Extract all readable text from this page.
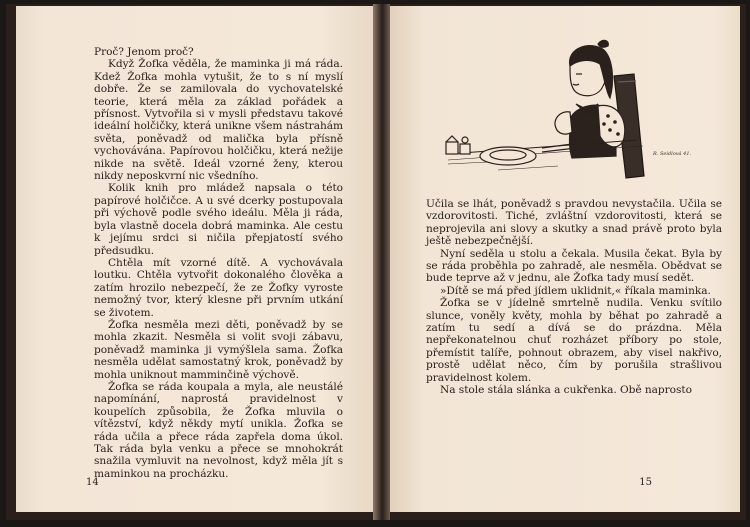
Proč? Jenom proč?

Když Žofka věděla, že maminka ji má ráda. Kdež Žofka mohla vytušit, že to s ní myslí dobře. Že se zamilovala do vychovatelské teorie, která měla za základ pořádek a přísnost. Vytvořila si v mysli představu takové ideální holčičky, která unikne všem nástrahám světa, poněvadž od malička byla přísně vychovávána. Papírovou holčičku, která nežije nikde na světě. Ideál vzorné ženy, kterou nikdy neposkvrní nic všedního.

Kolik knih pro mládež napsala o této papírové holčičce. A u své dcerky postupovala při výchově podle svého ideálu. Měla ji ráda, byla vlastně docela dobrá maminka. Ale cestu k jejímu srdci si ničila přepjatostí svého předsudku.

Chtěla mít vzorné dítě. A vychovávala loutku. Chtěla vytvořit dokonalého člověka a zatím hrozilo nebezpečí, že ze Žofky vyroste nemožný tvor, který klesne při prvním utkání se životem.

Žofka nesměla mezi děti, poněvadž by se mohla zkazit. Nesměla si volit svoji zábavu, poněvadž maminka ji vymýšlela sama. Žofka nesměla udělat samostatný krok, poněvadž by mohla uniknout mamminčině výchově.

Žofka se ráda koupala a myla, ale neustálé napomínání, naprostá pravidelnost v koupelích způsobila, že Žofka mluvila o vítězství, když někdy mytí unikla. Žofka se ráda učila a přece ráda zapřela doma úkol. Tak ráda byla venku a přece se mnohokrát snažila vymluvit na nevolnost, když měla jít s maminkou na procházku.

14
R. Seidlová 41.

Učila se lhát, poněvadž s pravdou nevystačila. Učila se vzdorovitosti. Tiché, zvláštní vzdorovitosti, která se neprojevila ani slovy a skutky a snad právě proto byla ještě nebezpečnější.

Nyní seděla u stolu a čekala. Musila čekat. Byla by se ráda proběhla po zahradě, ale nesměla. Obědvat se bude teprve až v jednu, ale Žofka tady musí sedět.

»Dítě se má před jídlem uklidnit,« říkala maminka.

Žofka se v jídelně smrtelně nudila. Venku svítilo slunce, voněly květy, mohla by běhat po zahradě a zatím tu sedí a dívá se do prázdna. Měla nepřekonatelnou chuť rozházet příbory po stole, přemístit talíře, pohnout obrazem, aby visel nakřivo, prostě udělat něco, čím by porušila strašlivou pravidelnost kolem.

Na stole stála slánka a cukřenka. Obě naprosto

15
